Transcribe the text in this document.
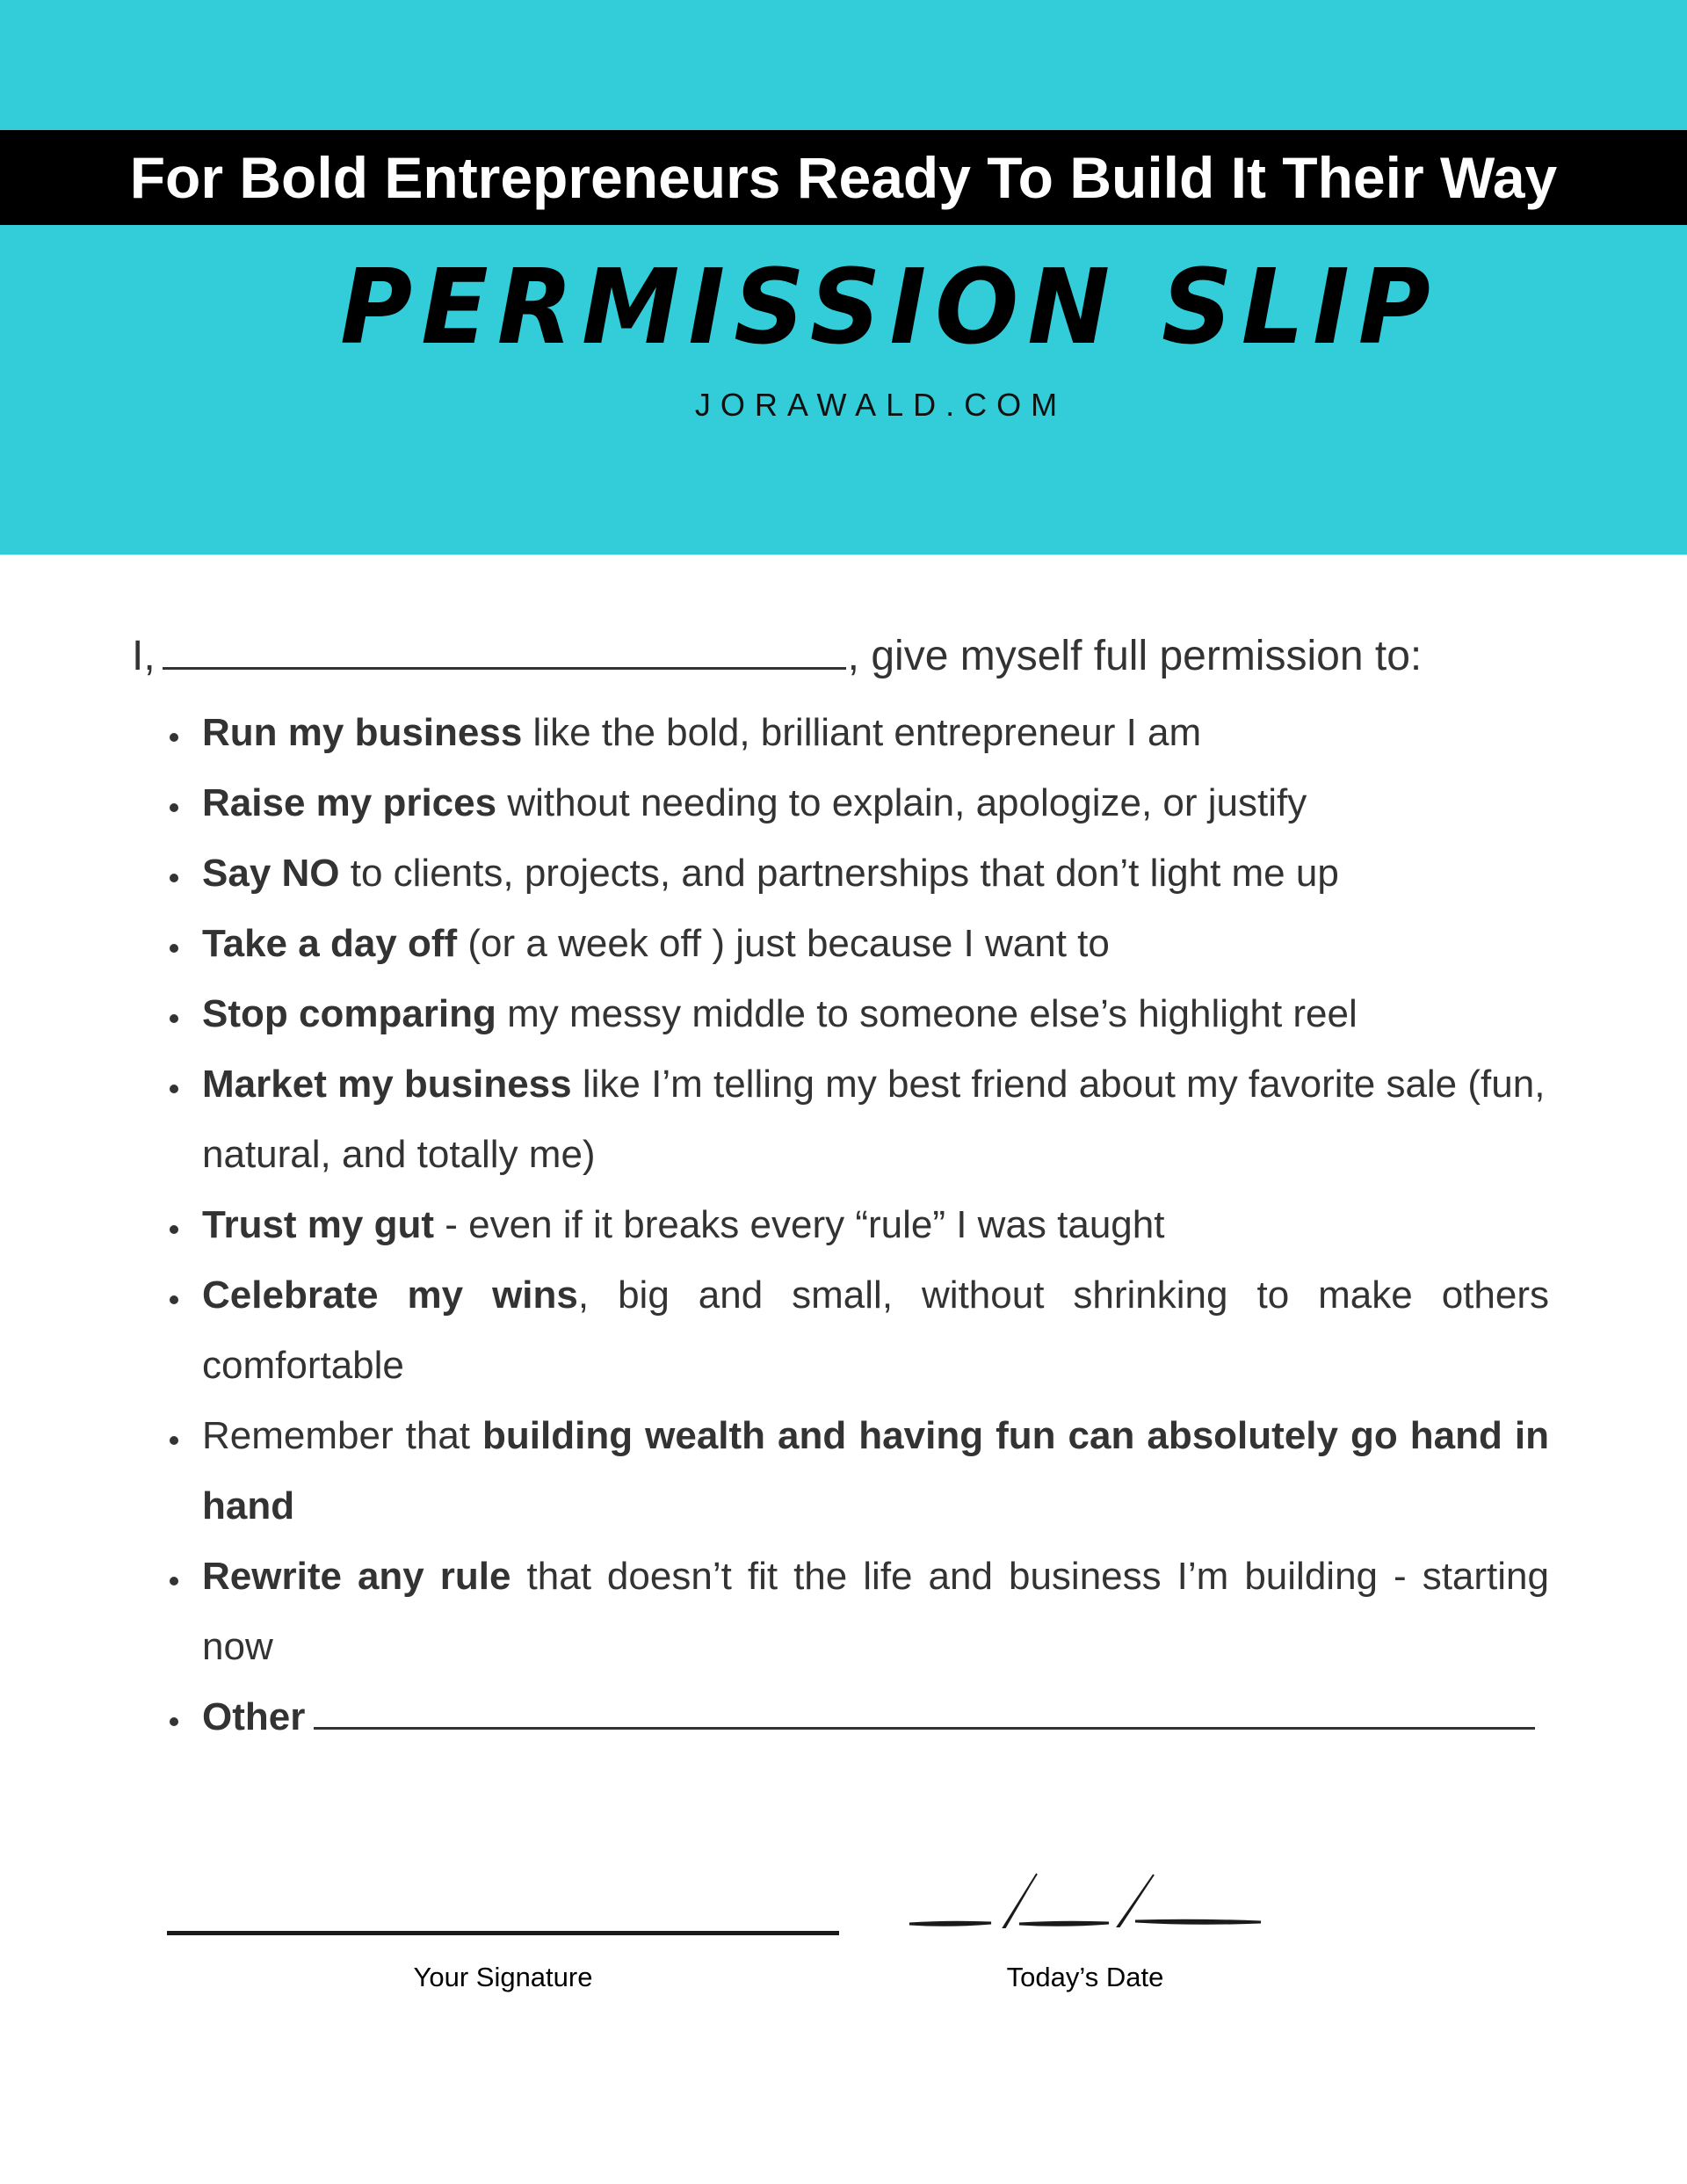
For Bold Entrepreneurs Ready To Build It Their Way
PERMISSION SLIP
JORAWALD.COM
I,	, give myself full permission to:
Run my business like the bold, brilliant entrepreneur I am
Raise my prices without needing to explain, apologize, or justify
Say NO to clients, projects, and partnerships that don’t light me up
Take a day off (or a week off ) just because I want to
Stop comparing my messy middle to someone else’s highlight reel
Market my business like I’m telling my best friend about my favorite sale (fun, natural, and totally me)
Trust my gut - even if it breaks every “rule” I was taught
Celebrate my wins, big and small, without shrinking to make others comfortable
Remember that building wealth and having fun can absolutely go hand in hand
Rewrite any rule that doesn’t fit the life and business I’m building - starting now
Other
Your Signature	Today’s Date
